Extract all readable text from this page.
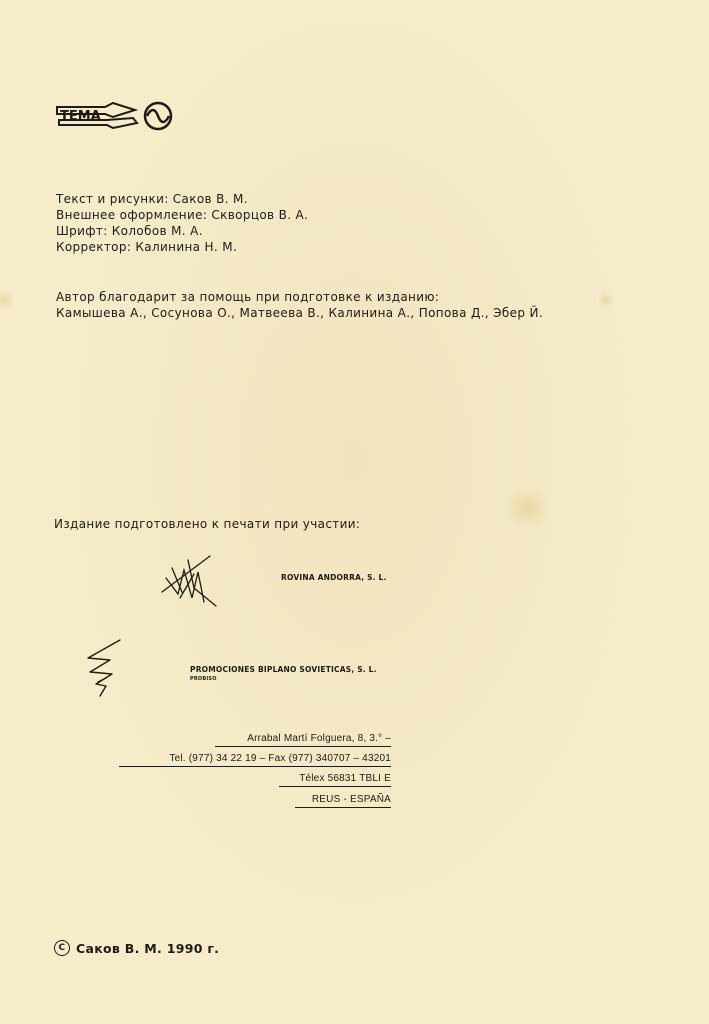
ТЕМА
Текст и рисунки: Саков В. М.
Внешнее оформление: Скворцов В. А.
Шрифт: Колобов М. А.
Корректор: Калинина Н. М.
Автор благодарит за помощь при подготовке к изданию:
Камышева А., Сосунова О., Матвеева В., Калинина А., Попова Д., Эбер Й.
Издание подготовлено к печати при участии:
ROVINA ANDORRA, S. L.
PROMOCIONES BIPLANO SOVIETICAS, S. L.
PROBISO
Arrabal Martí Folguera, 8, 3.° –
Tel. (977) 34 22 19 – Fax (977) 340707 – 43201
Télex 56831 TBLI E
REUS - ESPAÑA
C Саков В. М. 1990 г.
